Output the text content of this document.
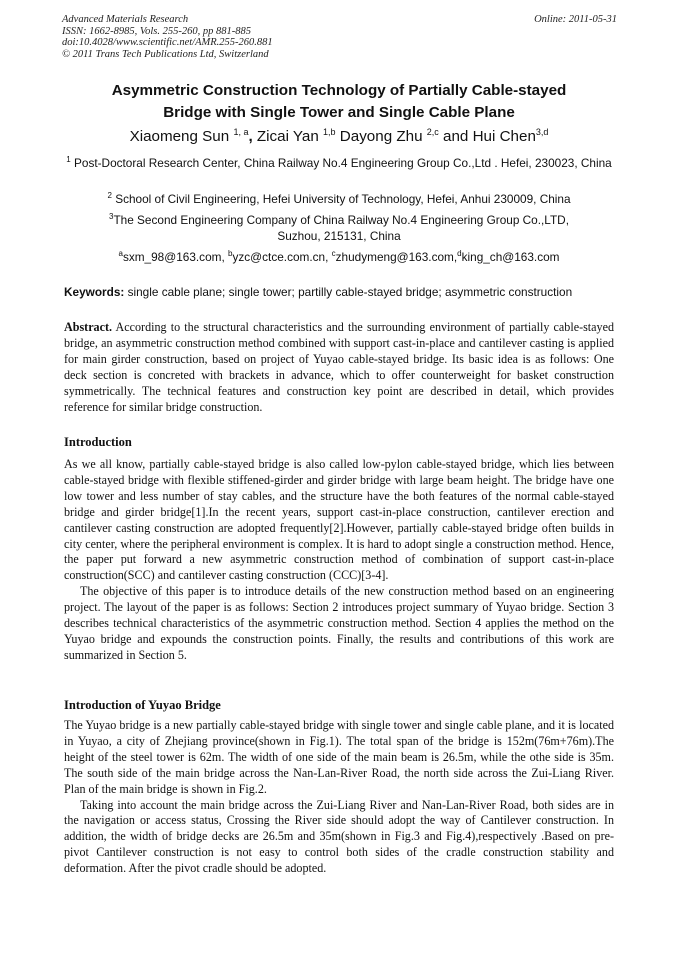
Advanced Materials Research
ISSN: 1662-8985, Vols. 255-260, pp 881-885
doi:10.4028/www.scientific.net/AMR.255-260.881
© 2011 Trans Tech Publications Ltd, Switzerland
Online: 2011-05-31
Asymmetric Construction Technology of Partially Cable-stayed
Bridge with Single Tower and Single Cable Plane
Xiaomeng Sun $^{1, a}$, Zicai Yan $^{1,b}$ Dayong Zhu $^{2,c}$ and Hui Chen$^{3,d}$
$^1$ Post-Doctoral Research Center, China Railway No.4 Engineering Group Co.,Ltd . Hefei, 230023, China
$^2$ School of Civil Engineering, Hefei University of Technology, Hefei, Anhui 230009, China
$^3$The Second Engineering Company of China Railway No.4 Engineering Group Co.,LTD,
Suzhou, 215131, China
$^a$sxm_98@163.com, $^b$yzc@ctce.com.cn, $^c$zhudymeng@163.com,$^d$king_ch@163.com
Keywords: single cable plane; single tower; partilly cable-stayed bridge; asymmetric construction

Abstract. According to the structural characteristics and the surrounding environment of partially cable-stayed bridge, an asymmetric construction method combined with support cast-in-place and cantilever casting is applied for main girder construction, based on project of Yuyao cable-stayed bridge. Its basic idea is as follows: One deck section is concreted with brackets in advance, which to offer counterweight for basket construction symmetrically. The technical features and construction key point are described in detail, which provides reference for similar bridge construction.

Introduction

As we all know, partially cable-stayed bridge is also called low-pylon cable-stayed bridge, which lies between cable-stayed bridge with flexible stiffened-girder and girder bridge with large beam height. The bridge have one low tower and less number of stay cables, and the structure have the both features of the normal cable-stayed bridge and girder bridge[1].In the recent years, support cast-in-place construction, cantilever erection and cantilever casting construction are adopted frequently[2].However, partially cable-stayed bridge often builds in city center, where the peripheral environment is complex. It is hard to adopt single a construction method. Hence, the paper put forward a new asymmetric construction method of combination of support cast-in-place construction(SCC) and cantilever casting construction (CCC)[3-4].

The objective of this paper is to introduce details of the new construction method based on an engineering project. The layout of the paper is as follows: Section 2 introduces project summary of Yuyao bridge. Section 3 describes technical characteristics of the asymmetric construction method. Section 4 applies the method on the Yuyao bridge and expounds the construction points. Finally, the results and contributions of this work are summarized in Section 5.

Introduction of Yuyao Bridge

The Yuyao bridge is a new partially cable-stayed bridge with single tower and single cable plane, and it is located in Yuyao, a city of Zhejiang province(shown in Fig.1). The total span of the bridge is 152m(76m+76m).The height of the steel tower is 62m. The width of one side of the main beam is 26.5m, while the othe side is 35m. The south side of the main bridge across the Nan-Lan-River Road, the north side across the Zui-Liang River. Plan of the main bridge is shown in Fig.2.

Taking into account the main bridge across the Zui-Liang River and Nan-Lan-River Road, both sides are in the navigation or access status, Crossing the River side should adopt the way of Cantilever construction. In addition, the width of bridge decks are 26.5m and 35m(shown in Fig.3 and Fig.4),respectively .Based on pre-pivot Cantilever construction is not easy to control both sides of the cradle construction stability and deformation. After the pivot cradle should be adopted.
